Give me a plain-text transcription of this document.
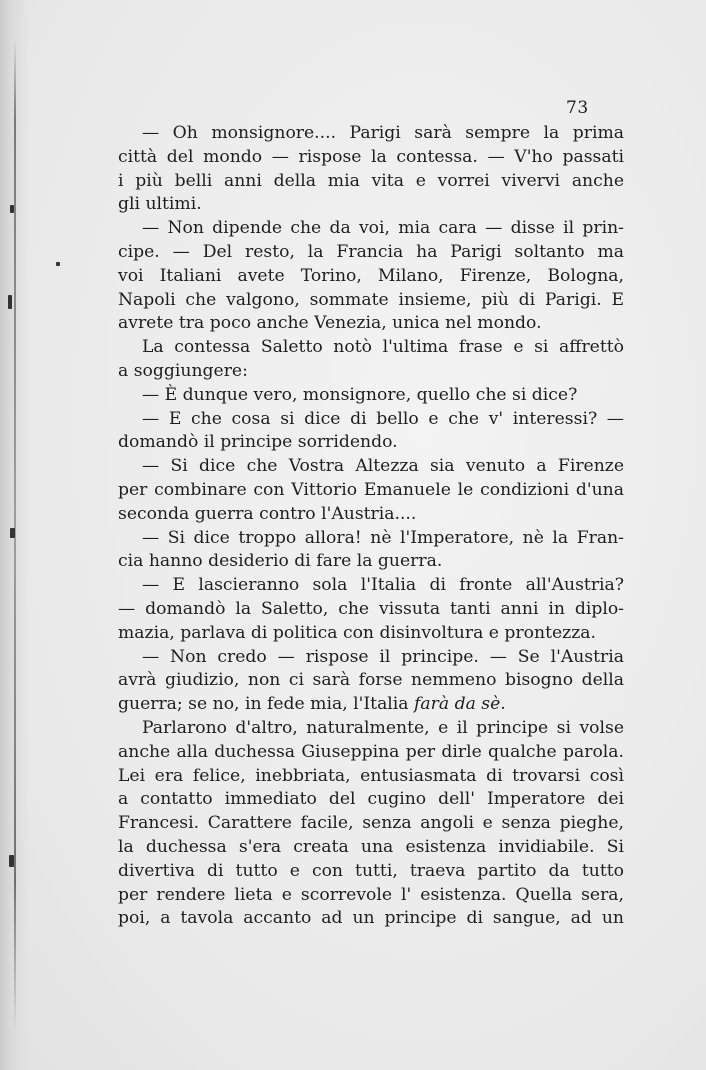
73
— Oh monsignore.... Parigi sarà sempre la prima
città del mondo — rispose la contessa. — V'ho passati
i più belli anni della mia vita e vorrei vivervi anche
gli ultimi.
— Non dipende che da voi, mia cara — disse il prin-
cipe. — Del resto, la Francia ha Parigi soltanto ma
voi Italiani avete Torino, Milano, Firenze, Bologna,
Napoli che valgono, sommate insieme, più di Parigi. E
avrete tra poco anche Venezia, unica nel mondo.
La contessa Saletto notò l'ultima frase e si affrettò
a soggiungere:
— È dunque vero, monsignore, quello che si dice?
— E che cosa si dice di bello e che v' interessi? —
domandò il principe sorridendo.
— Si dice che Vostra Altezza sia venuto a Firenze
per combinare con Vittorio Emanuele le condizioni d'una
seconda guerra contro l'Austria....
— Si dice troppo allora! nè l'Imperatore, nè la Fran-
cia hanno desiderio di fare la guerra.
— E lascieranno sola l'Italia di fronte all'Austria?
— domandò la Saletto, che vissuta tanti anni in diplo-
mazia, parlava di politica con disinvoltura e prontezza.
— Non credo — rispose il principe. — Se l'Austria
avrà giudizio, non ci sarà forse nemmeno bisogno della
guerra; se no, in fede mia, l'Italia farà da sè.
Parlarono d'altro, naturalmente, e il principe si volse
anche alla duchessa Giuseppina per dirle qualche parola.
Lei era felice, inebbriata, entusiasmata di trovarsi così
a contatto immediato del cugino dell' Imperatore dei
Francesi. Carattere facile, senza angoli e senza pieghe,
la duchessa s'era creata una esistenza invidiabile. Si
divertiva di tutto e con tutti, traeva partito da tutto
per rendere lieta e scorrevole l' esistenza. Quella sera,
poi, a tavola accanto ad un principe di sangue, ad un
